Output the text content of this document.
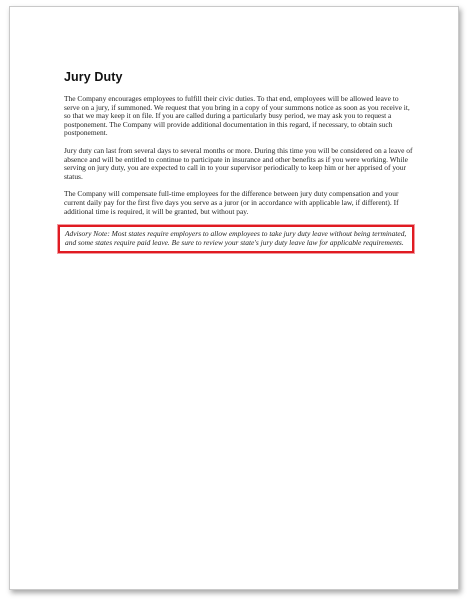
Jury Duty

The Company encourages employees to fulfill their civic duties. To that end, employees will be allowed leave to serve on a jury, if summoned. We request that you bring in a copy of your summons notice as soon as you receive it, so that we may keep it on file. If you are called during a particularly busy period, we may ask you to request a postponement. The Company will provide additional documentation in this regard, if necessary, to obtain such postponement.

Jury duty can last from several days to several months or more. During this time you will be considered on a leave of absence and will be entitled to continue to participate in insurance and other benefits as if you were working. While serving on jury duty, you are expected to call in to your supervisor periodically to keep him or her apprised of your status.

The Company will compensate full-time employees for the difference between jury duty compensation and your current daily pay for the first five days you serve as a juror (or in accordance with applicable law, if different). If additional time is required, it will be granted, but without pay.

Advisory Note: Most states require employers to allow employees to take jury duty leave without being terminated, and some states require paid leave. Be sure to review your state's jury duty leave law for applicable requirements.
